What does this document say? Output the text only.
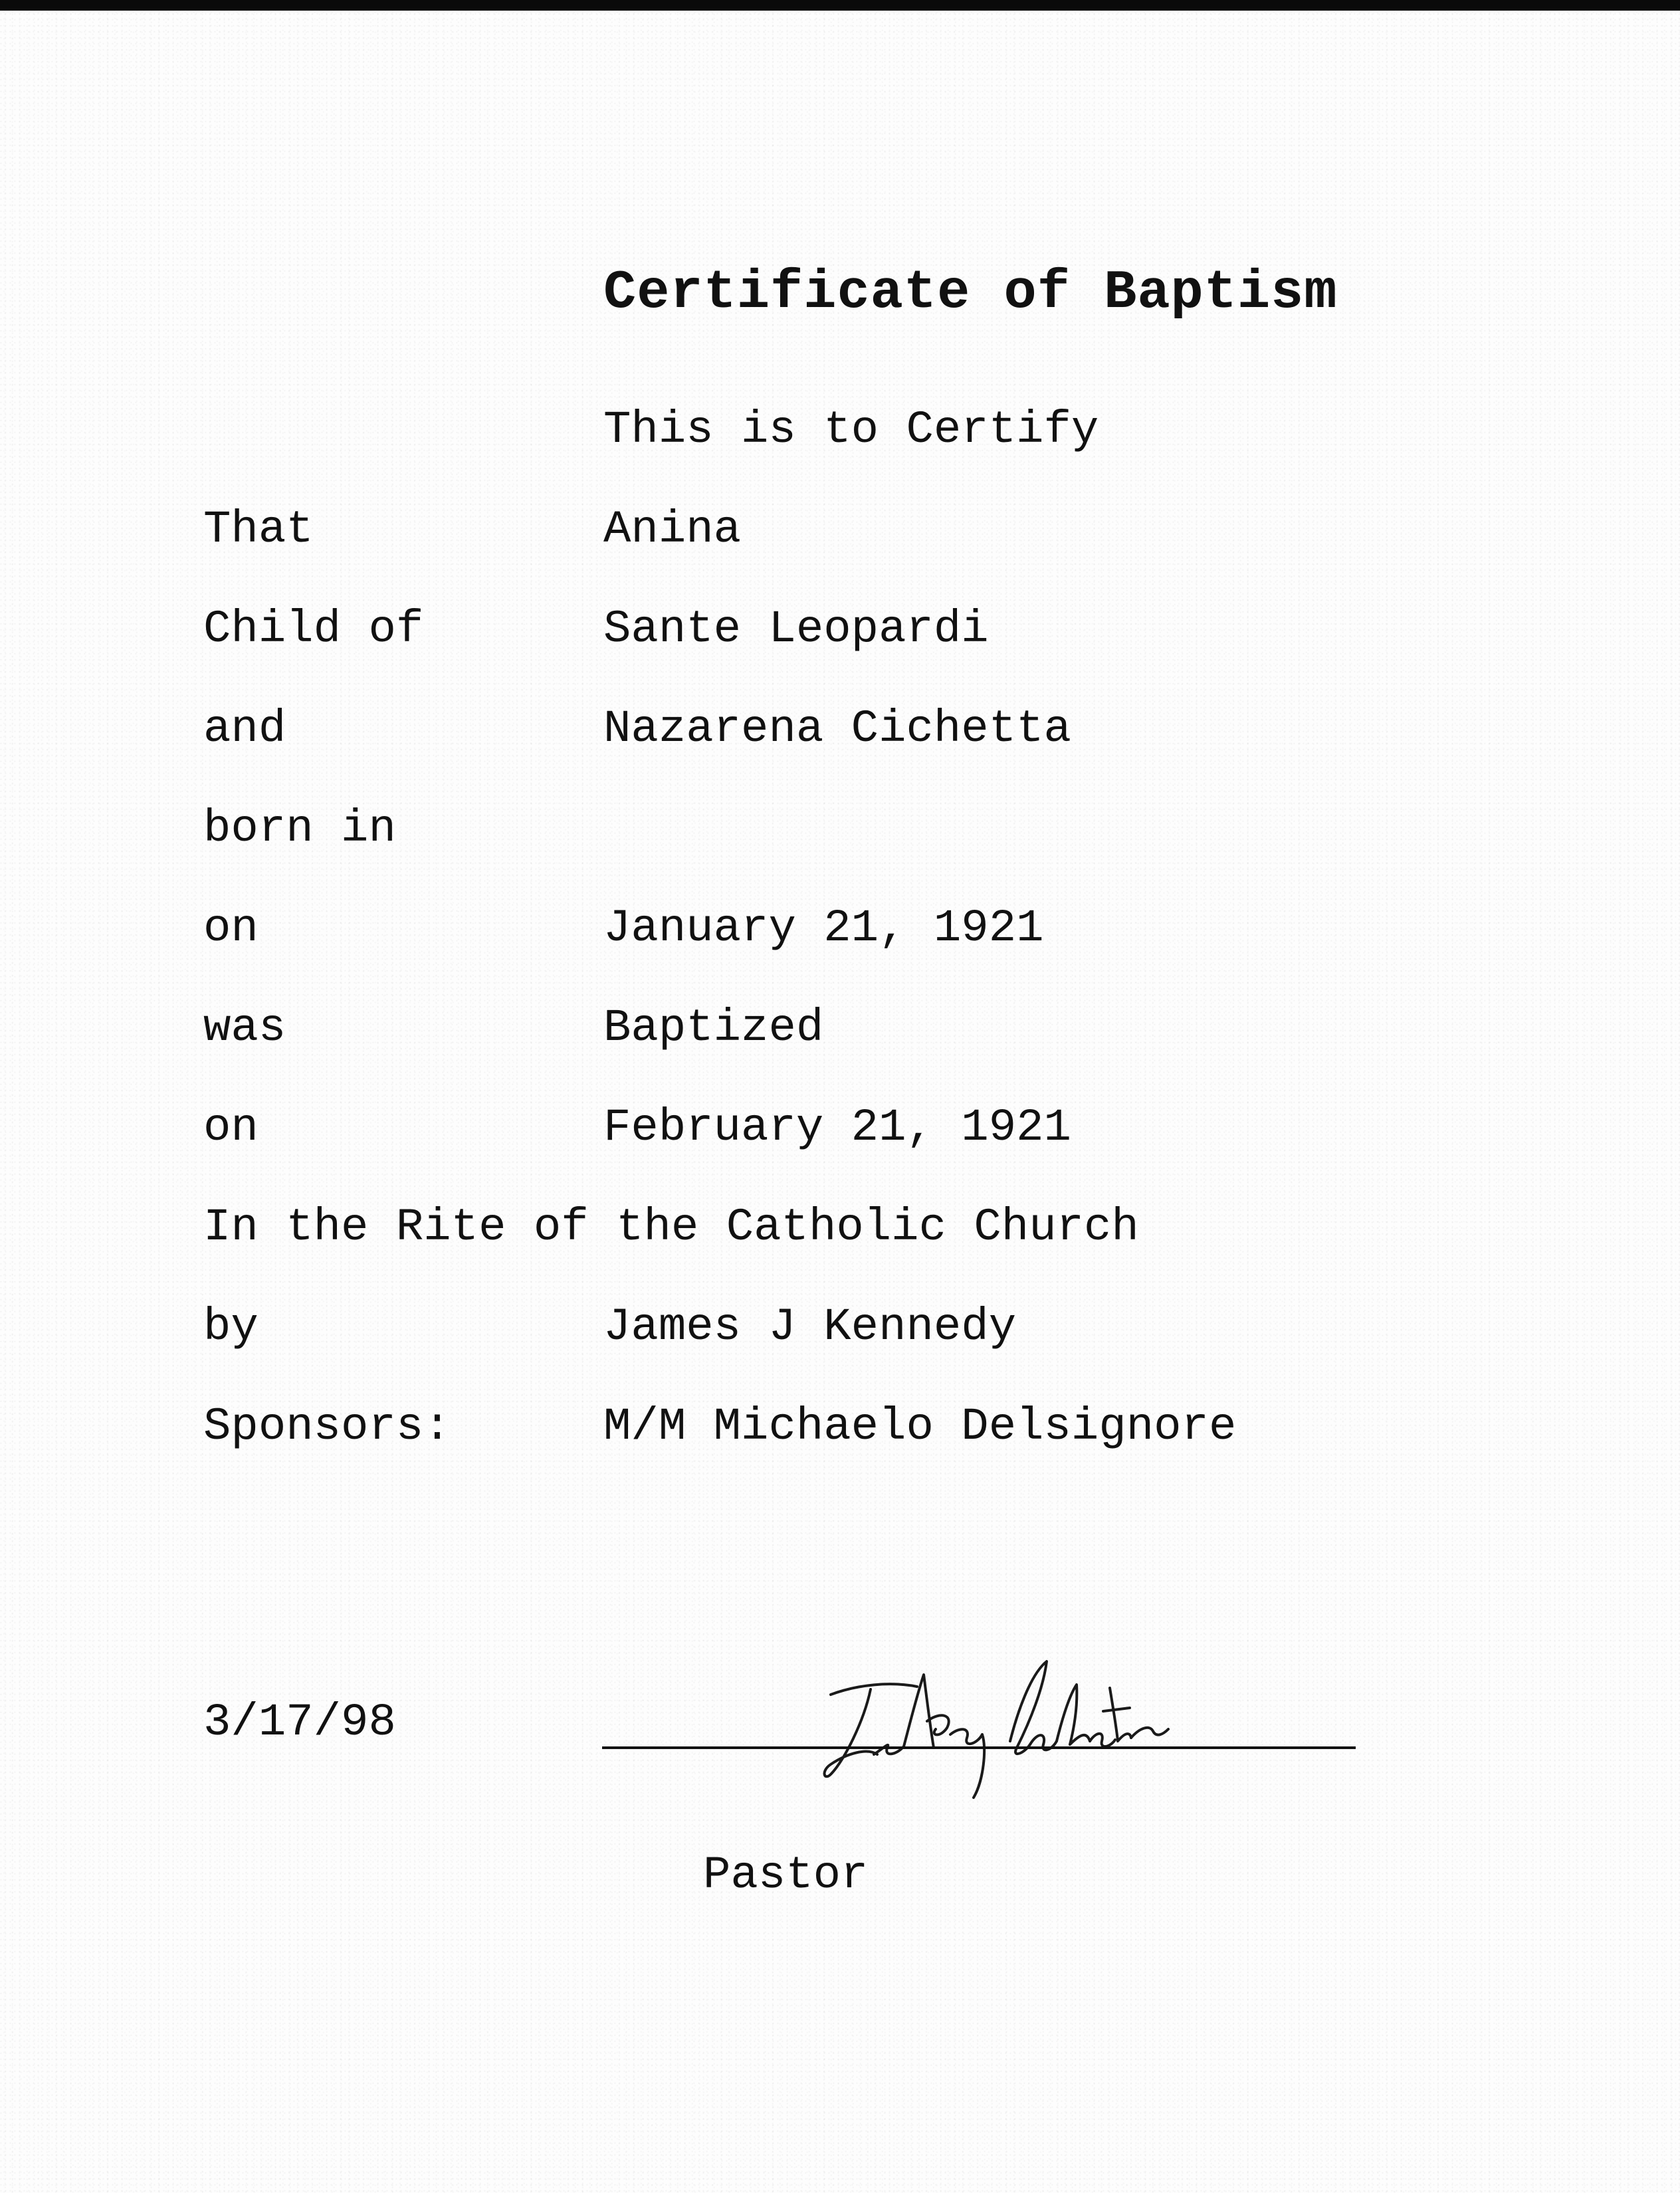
Certificate of Baptism
This is to Certify
That	Anina
Child of	Sante Leopardi
and	Nazarena Cichetta
born in
on	January 21, 1921
was	Baptized
on	February 21, 1921
In the Rite of the Catholic Church
by	James J Kennedy
Sponsors:	M/M Michaelo Delsignore
3/17/98
Pastor
